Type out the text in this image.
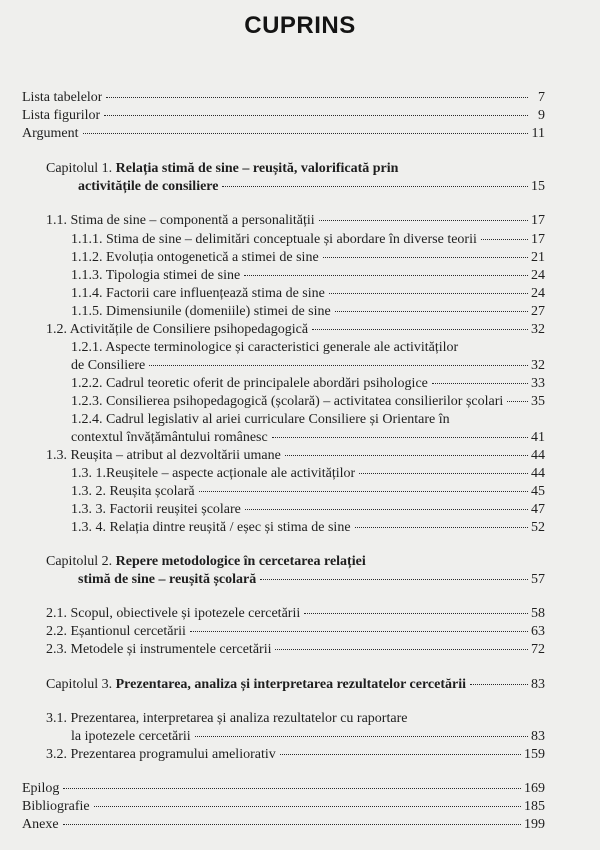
CUPRINS
Lista tabelelor	7
Lista figurilor	9
Argument	11
Capitolul 1. Relația stimă de sine – reușită, valorificată prin
activitățile de consiliere	15
1.1. Stima de sine – componentă a personalității	17
1.1.1. Stima de sine – delimitări conceptuale și abordare în diverse teorii	17
1.1.2. Evoluția ontogenetică a stimei de sine	21
1.1.3. Tipologia stimei de sine	24
1.1.4. Factorii care influențează stima de sine	24
1.1.5. Dimensiunile (domeniile) stimei de sine	27
1.2. Activitățile de Consiliere psihopedagogică	32
1.2.1. Aspecte terminologice și caracteristici generale ale activităților
de Consiliere	32
1.2.2. Cadrul teoretic oferit de principalele abordări psihologice	33
1.2.3. Consilierea psihopedagogică (școlară) – activitatea consilierilor școlari 35
1.2.4. Cadrul legislativ al ariei curriculare Consiliere și Orientare în
contextul învățământului românesc	41
1.3. Reușita – atribut al dezvoltării umane	44
1.3. 1.Reușitele – aspecte acționale ale activităților	44
1.3. 2. Reușita școlară	45
1.3. 3. Factorii reușitei școlare	47
1.3. 4. Relația dintre reușită / eșec și stima de sine	52
Capitolul 2. Repere metodologice în cercetarea relației
stimă de sine – reușită școlară	57
2.1. Scopul, obiectivele și ipotezele cercetării	58
2.2. Eșantionul cercetării	63
2.3. Metodele și instrumentele cercetării	72
Capitolul 3. Prezentarea, analiza și interpretarea rezultatelor cercetării	83
3.1. Prezentarea, interpretarea și analiza rezultatelor cu raportare
la ipotezele cercetării	83
3.2. Prezentarea programului ameliorativ	159
Epilog	169
Bibliografie	185
Anexe	199
